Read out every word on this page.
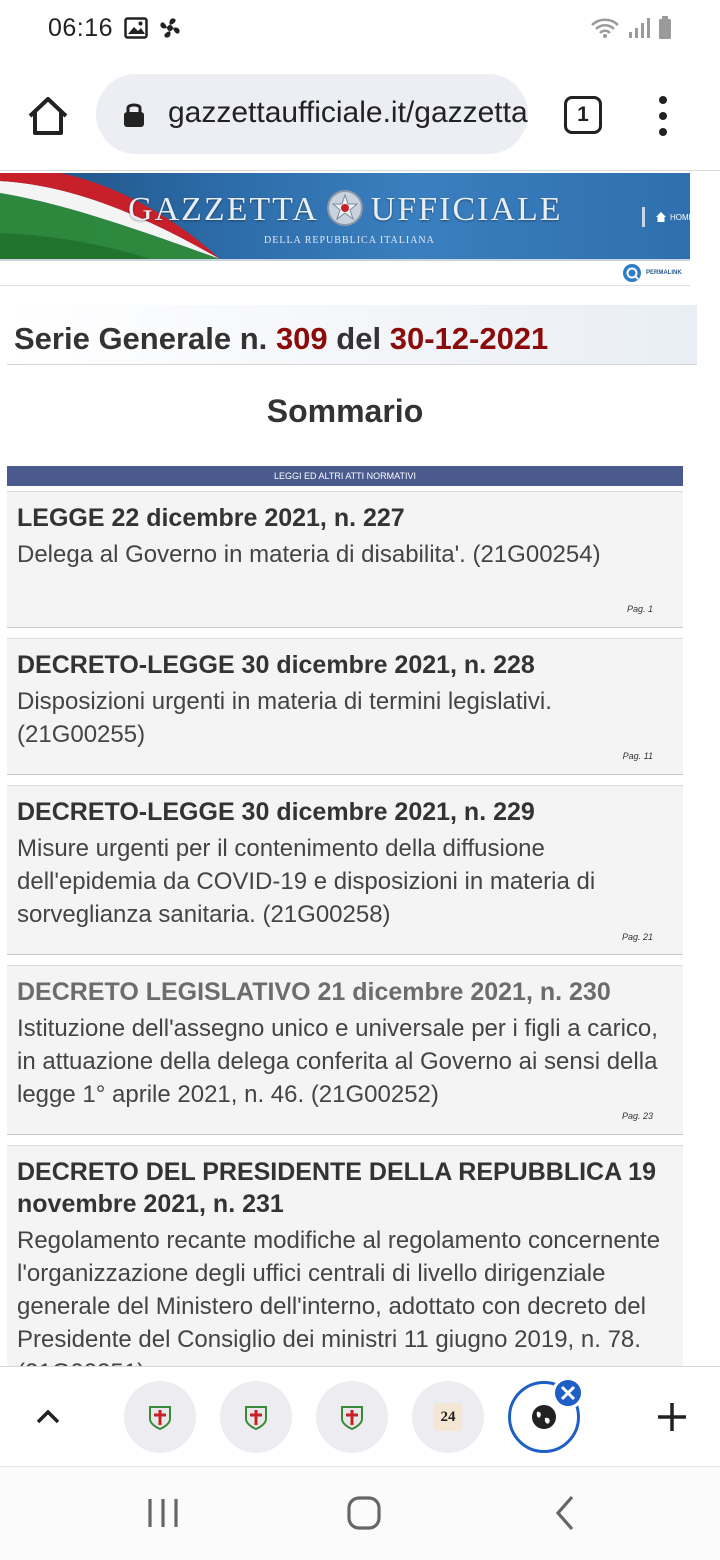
06:16
gazzettaufficiale.it/gazzetta	1
GAZZETTA UFFICIALE
DELLA REPUBBLICA ITALIANA
HOME
PERMALINK
Serie Generale n. 309 del 30-12-2021
Sommario
LEGGI ED ALTRI ATTI NORMATIVI
LEGGE 22 dicembre 2021, n. 227
Delega al Governo in materia di disabilita'. (21G00254)
Pag. 1
DECRETO-LEGGE 30 dicembre 2021, n. 228
Disposizioni urgenti in materia di termini legislativi. (21G00255)
Pag. 11
DECRETO-LEGGE 30 dicembre 2021, n. 229
Misure urgenti per il contenimento della diffusione dell'epidemia da COVID-19 e disposizioni in materia di sorveglianza sanitaria. (21G00258)
Pag. 21
DECRETO LEGISLATIVO 21 dicembre 2021, n. 230
Istituzione dell'assegno unico e universale per i figli a carico, in attuazione della delega conferita al Governo ai sensi della legge 1° aprile 2021, n. 46. (21G00252)
Pag. 23
DECRETO DEL PRESIDENTE DELLA REPUBBLICA 19 novembre 2021, n. 231
Regolamento recante modifiche al regolamento concernente l'organizzazione degli uffici centrali di livello dirigenziale generale del Ministero dell'interno, adottato con decreto del Presidente del Consiglio dei ministri 11 giugno 2019, n. 78.
24
